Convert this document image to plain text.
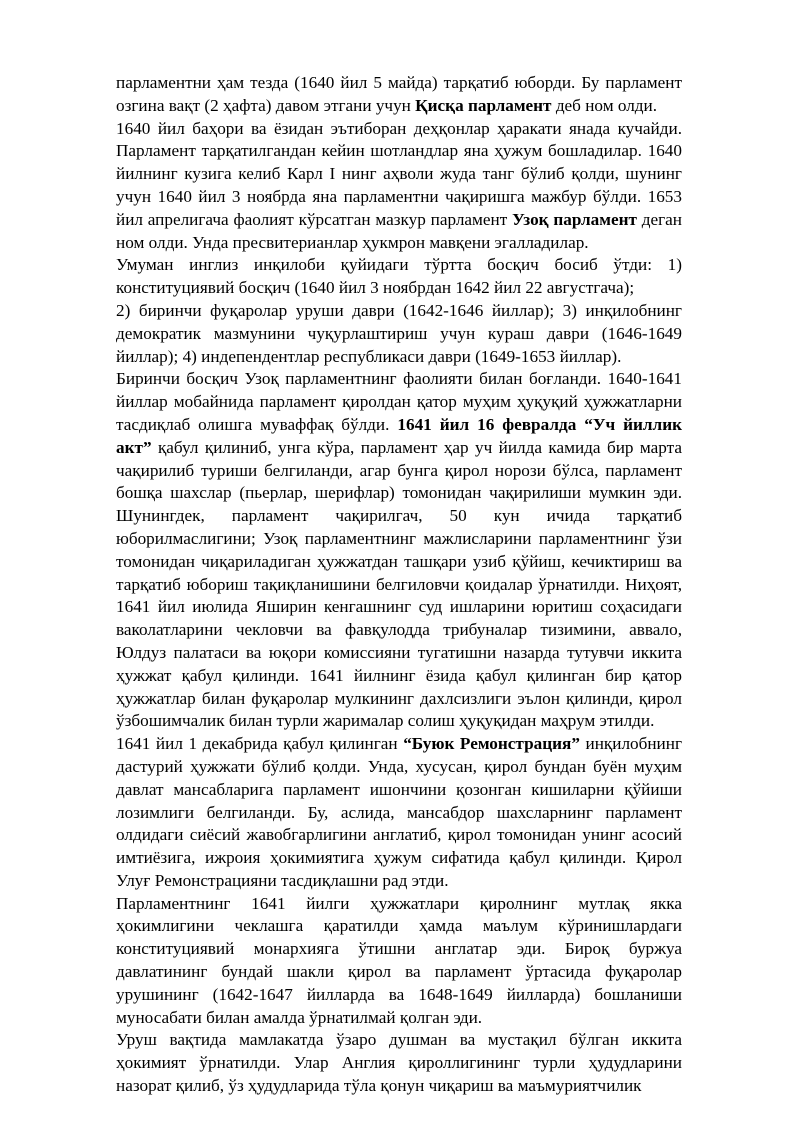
парламентни ҳам тезда (1640 йил 5 майда) тарқатиб юборди. Бу парламент озгина вақт (2 ҳафта) давом этгани учун Қисқа парламент деб ном олди.

1640 йил баҳори ва ёзидан эътиборан деҳқонлар ҳаракати янада кучайди. Парламент тарқатилгандан кейин шотландлар яна ҳужум бошладилар. 1640 йилнинг кузига келиб Карл I нинг аҳволи жуда танг бўлиб қолди, шунинг учун 1640 йил 3 ноябрда яна парламентни чақиришга мажбур бўлди. 1653 йил апрелигача фаолият кўрсатган мазкур парламент Узоқ парламент деган ном олди. Унда пресвитерианлар ҳукмрон мавқени эгалладилар.

Умуман инглиз инқилоби қуйидаги тўртта босқич босиб ўтди: 1) конституциявий босқич (1640 йил 3 ноябрдан 1642 йил 22 августгача);

2) биринчи фуқаролар уруши даври (1642-1646 йиллар); 3) инқилобнинг демократик мазмунини чуқурлаштириш учун кураш даври (1646-1649 йиллар); 4) индепендентлар республикаси даври (1649-1653 йиллар).

Биринчи босқич Узоқ парламентнинг фаолияти билан боғланди. 1640-1641 йиллар мобайнида парламент қиролдан қатор муҳим ҳуқуқий ҳужжатларни тасдиқлаб олишга муваффақ бўлди. 1641 йил 16 февралда “Уч йиллик акт” қабул қилиниб, унга кўра, парламент ҳар уч йилда камида бир марта чақирилиб туриши белгиланди, агар бунга қирол норози бўлса, парламент бошқа шахслар (пьерлар, шерифлар) томонидан чақирилиши мумкин эди. Шунингдек, парламент чақирилгач, 50 кун ичида тарқатиб юборилмаслигини; Узоқ парламентнинг мажлисларини парламентнинг ўзи томонидан чиқариладиган ҳужжатдан ташқари узиб қўйиш, кечиктириш ва тарқатиб юбориш тақиқланишини белгиловчи қоидалар ўрнатилди. Ниҳоят, 1641 йил июлида Яширин кенгашнинг суд ишларини юритиш соҳасидаги ваколатларини чекловчи ва фавқулодда трибуналар тизимини, аввало, Юлдуз палатаси ва юқори комиссияни тугатишни назарда тутувчи иккита ҳужжат қабул қилинди. 1641 йилнинг ёзида қабул қилинган бир қатор ҳужжатлар билан фуқаролар мулкининг дахлсизлиги эълон қилинди, қирол ўзбошимчалик билан турли жарималар солиш ҳуқуқидан маҳрум этилди.

1641 йил 1 декабрида қабул қилинган “Буюк Ремонстрация” инқилобнинг дастурий ҳужжати бўлиб қолди. Унда, хусусан, қирол бундан буён муҳим давлат мансабларига парламент ишончини қозонган кишиларни қўйиши лозимлиги белгиланди. Бу, аслида, мансабдор шахсларнинг парламент олдидаги сиёсий жавобгарлигини англатиб, қирол томонидан унинг асосий имтиёзига, ижроия ҳокимиятига ҳужум сифатида қабул қилинди. Қирол Улуғ Ремонстрацияни тасдиқлашни рад этди.

Парламентнинг 1641 йилги ҳужжатлари қиролнинг мутлақ якка ҳокимлигини чеклашга қаратилди ҳамда маълум кўринишлардаги конституциявий монархияга ўтишни англатар эди. Бироқ буржуа давлатининг бундай шакли қирол ва парламент ўртасида фуқаролар урушининг (1642-1647 йилларда ва 1648-1649 йилларда) бошланиши муносабати билан амалда ўрнатилмай қолган эди.

Уруш вақтида мамлакатда ўзаро душман ва мустақил бўлган иккита ҳокимият ўрнатилди. Улар Англия қироллигининг турли ҳудудларини назорат қилиб, ўз ҳудудларида тўла қонун чиқариш ва маъмуриятчилик
